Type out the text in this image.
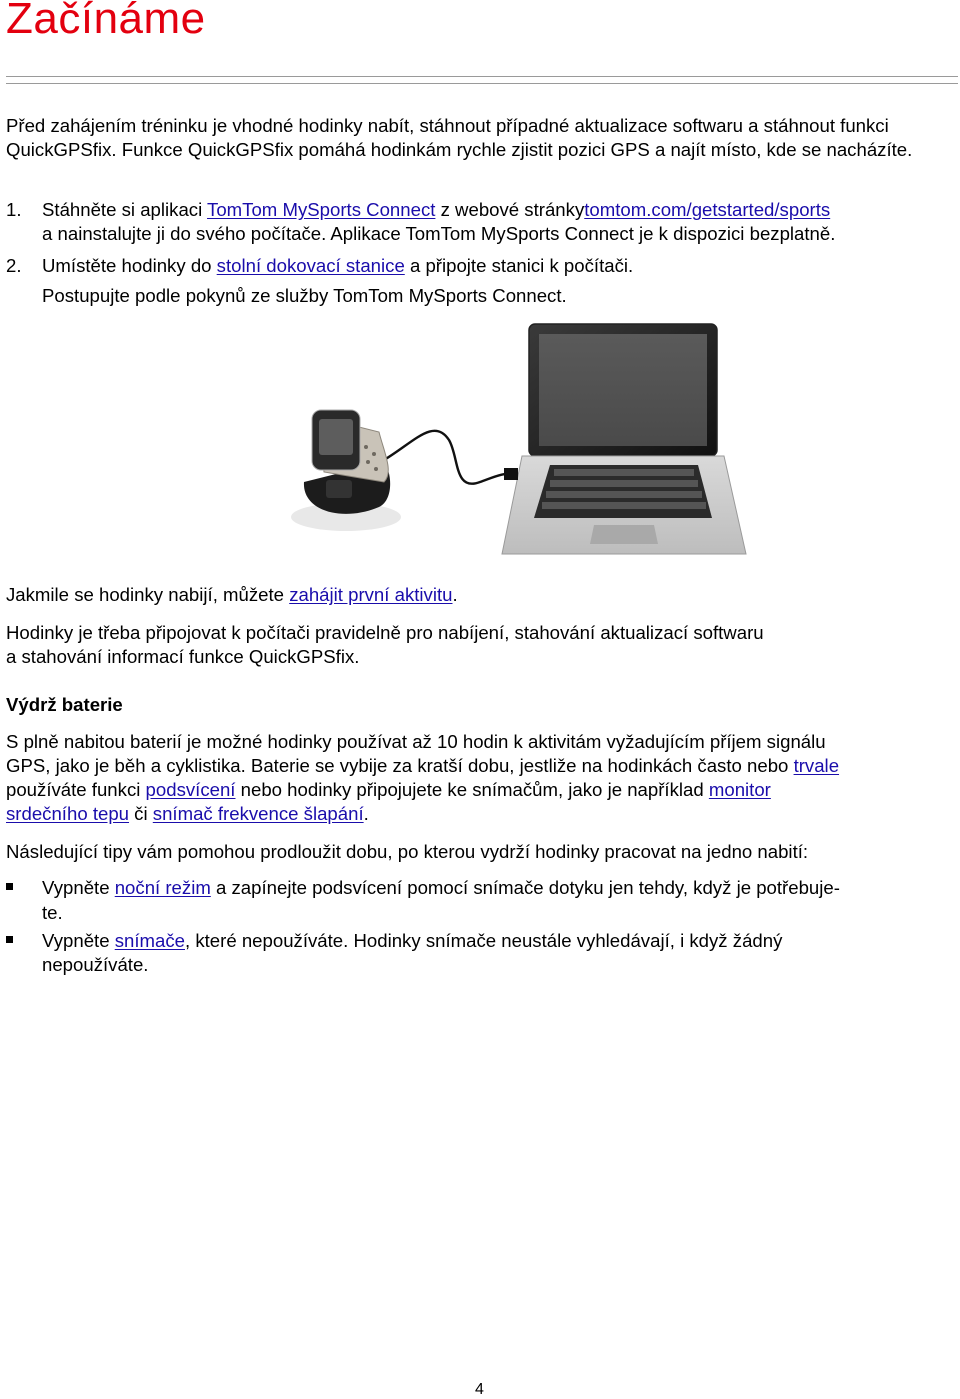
Začínáme

Před zahájením tréninku je vhodné hodinky nabít, stáhnout případné aktualizace softwaru a stáhnout funkci QuickGPSfix. Funkce QuickGPSfix pomáhá hodinkám rychle zjistit pozici GPS a najít místo, kde se nacházíte.

1. Stáhněte si aplikaci TomTom MySports Connect z webové stránkytomtom.com/getstarted/sports

a nainstalujte ji do svého počítače. Aplikace TomTom MySports Connect je k dispozici bezplatně.

2. Umístěte hodinky do stolní dokovací stanice a připojte stanici k počítači.

Postupujte podle pokynů ze služby TomTom MySports Connect.

Jakmile se hodinky nabijí, můžete zahájit první aktivitu.

Hodinky je třeba připojovat k počítači pravidelně pro nabíjení, stahování aktualizací softwaru

a stahování informací funkce QuickGPSfix.

Výdrž baterie

S plně nabitou baterií je možné hodinky používat až 10 hodin k aktivitám vyžadujícím příjem signálu

GPS, jako je běh a cyklistika. Baterie se vybije za kratší dobu, jestliže na hodinkách často nebo trvale

používáte funkci podsvícení nebo hodinky připojujete ke snímačům, jako je například monitor

srdečního tepu či snímač frekvence šlapání.

Následující tipy vám pomohou prodloužit dobu, po kterou vydrží hodinky pracovat na jedno nabití:

Vypněte noční režim a zapínejte podsvícení pomocí snímače dotyku jen tehdy, když je potřebuje-

te.

Vypněte snímače, které nepoužíváte. Hodinky snímače neustále vyhledávají, i když žádný

nepoužíváte.

4
